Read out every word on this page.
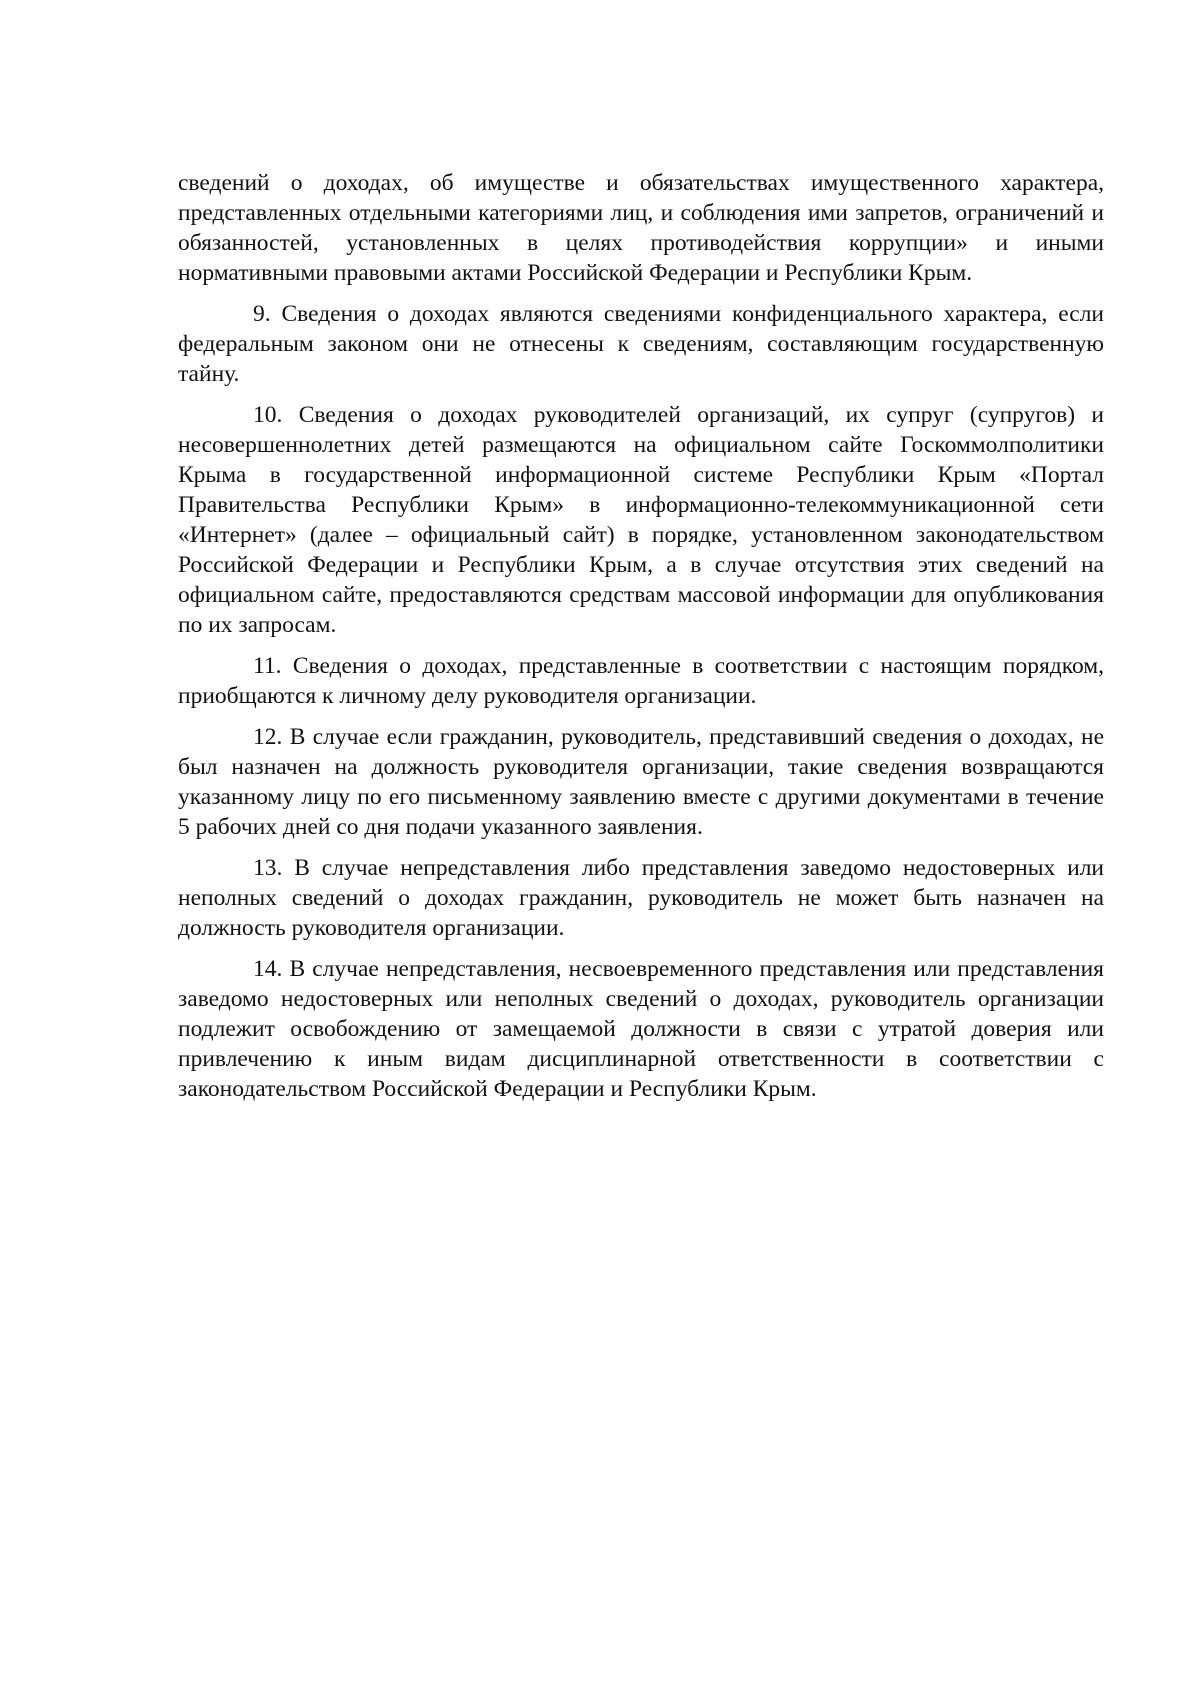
сведений о доходах, об имуществе и обязательствах имущественного характера, представленных отдельными категориями лиц, и соблюдения ими запретов, ограничений и обязанностей, установленных в целях противодействия коррупции» и иными нормативными правовыми актами Российской Федерации и Республики Крым.

9. Сведения о доходах являются сведениями конфиденциального характера, если федеральным законом они не отнесены к сведениям, составляющим государственную тайну.

10. Сведения о доходах руководителей организаций, их супруг (супругов) и несовершеннолетних детей размещаются на официальном сайте Госкоммолполитики Крыма в государственной информационной системе Республики Крым «Портал Правительства Республики Крым» в информационно-телекоммуникационной сети «Интернет» (далее – официальный сайт) в порядке, установленном законодательством Российской Федерации и Республики Крым, а в случае отсутствия этих сведений на официальном сайте, предоставляются средствам массовой информации для опубликования по их запросам.

11. Сведения о доходах, представленные в соответствии с настоящим порядком, приобщаются к личному делу руководителя организации.

12. В случае если гражданин, руководитель, представивший сведения о доходах, не был назначен на должность руководителя организации, такие сведения возвращаются указанному лицу по его письменному заявлению вместе с другими документами в течение 5 рабочих дней со дня подачи указанного заявления.

13. В случае непредставления либо представления заведомо недостоверных или неполных сведений о доходах гражданин, руководитель не может быть назначен на должность руководителя организации.

14. В случае непредставления, несвоевременного представления или представления заведомо недостоверных или неполных сведений о доходах, руководитель организации подлежит освобождению от замещаемой должности в связи с утратой доверия или привлечению к иным видам дисциплинарной ответственности в соответствии с законодательством Российской Федерации и Республики Крым.
